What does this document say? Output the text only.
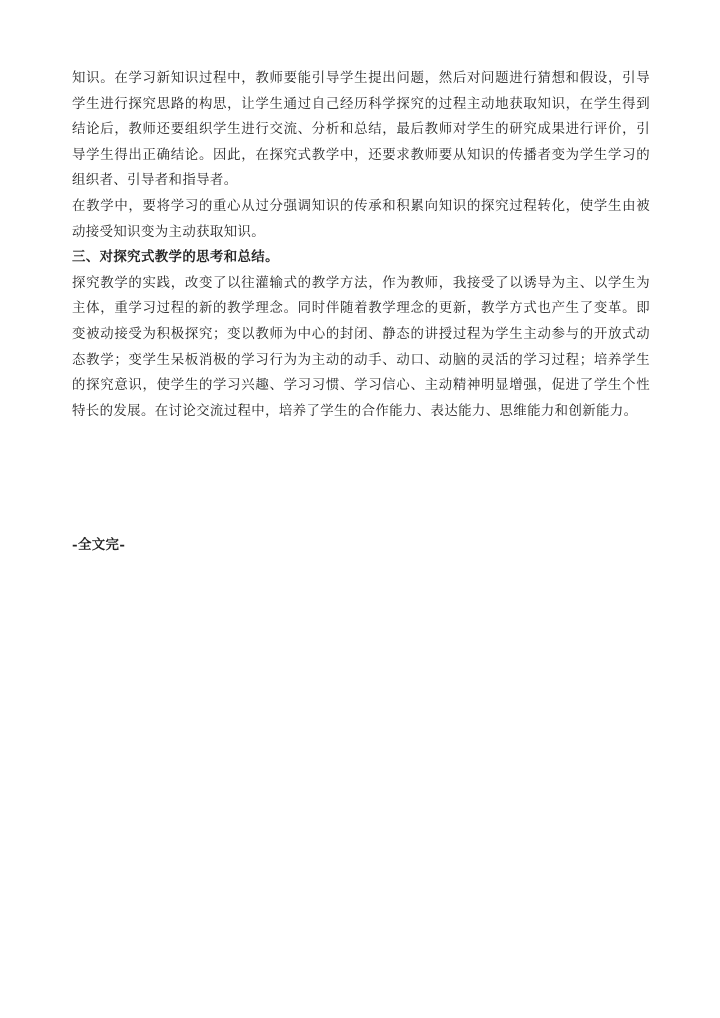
知识。在学习新知识过程中，教师要能引导学生提出问题，然后对问题进行猜想和假设，引导学生进行探究思路的构思，让学生通过自己经历科学探究的过程主动地获取知识，在学生得到结论后，教师还要组织学生进行交流、分析和总结，最后教师对学生的研究成果进行评价，引导学生得出正确结论。因此，在探究式教学中，还要求教师要从知识的传播者变为学生学习的组织者、引导者和指导者。

在教学中，要将学习的重心从过分强调知识的传承和积累向知识的探究过程转化，使学生由被动接受知识变为主动获取知识。

三、对探究式教学的思考和总结。

探究教学的实践，改变了以往灌输式的教学方法，作为教师，我接受了以诱导为主、以学生为主体，重学习过程的新的教学理念。同时伴随着教学理念的更新，教学方式也产生了变革。即变被动接受为积极探究；变以教师为中心的封闭、静态的讲授过程为学生主动参与的开放式动态教学；变学生呆板消极的学习行为为主动的动手、动口、动脑的灵活的学习过程；培养学生的探究意识，使学生的学习兴趣、学习习惯、学习信心、主动精神明显增强，促进了学生个性特长的发展。在讨论交流过程中，培养了学生的合作能力、表达能力、思维能力和创新能力。

-全文完-
